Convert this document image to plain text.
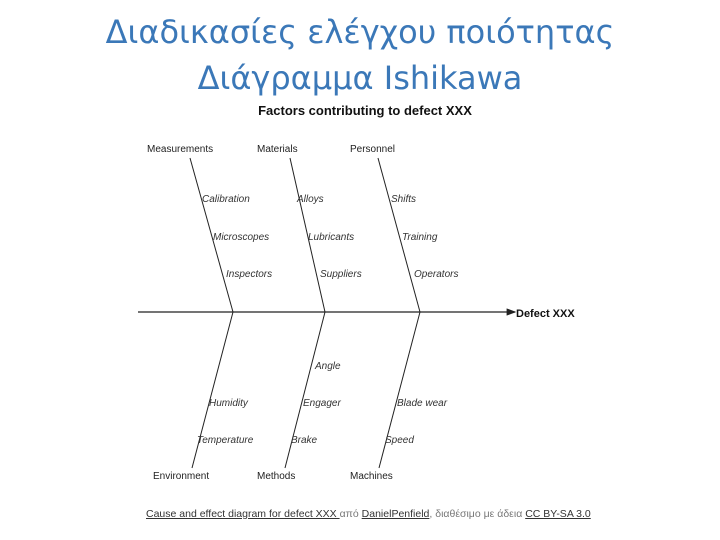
Διαδικασίες ελέγχου ποιότητας
Διάγραμμα Ishikawa
Factors contributing to defect XXX
Defect XXX
Measurements	Materials	Personnel
Calibration
Microscopes
Inspectors
Alloys
Lubricants
Suppliers
Shifts
Training
Operators
Humidity
Temperature
Angle
Engager
Brake
Blade wear
Speed
Environment	Methods	Machines
Cause and effect diagram for defect XXX από DanielPenfield, διαθέσιμο με άδεια CC BY-SA 3.0
